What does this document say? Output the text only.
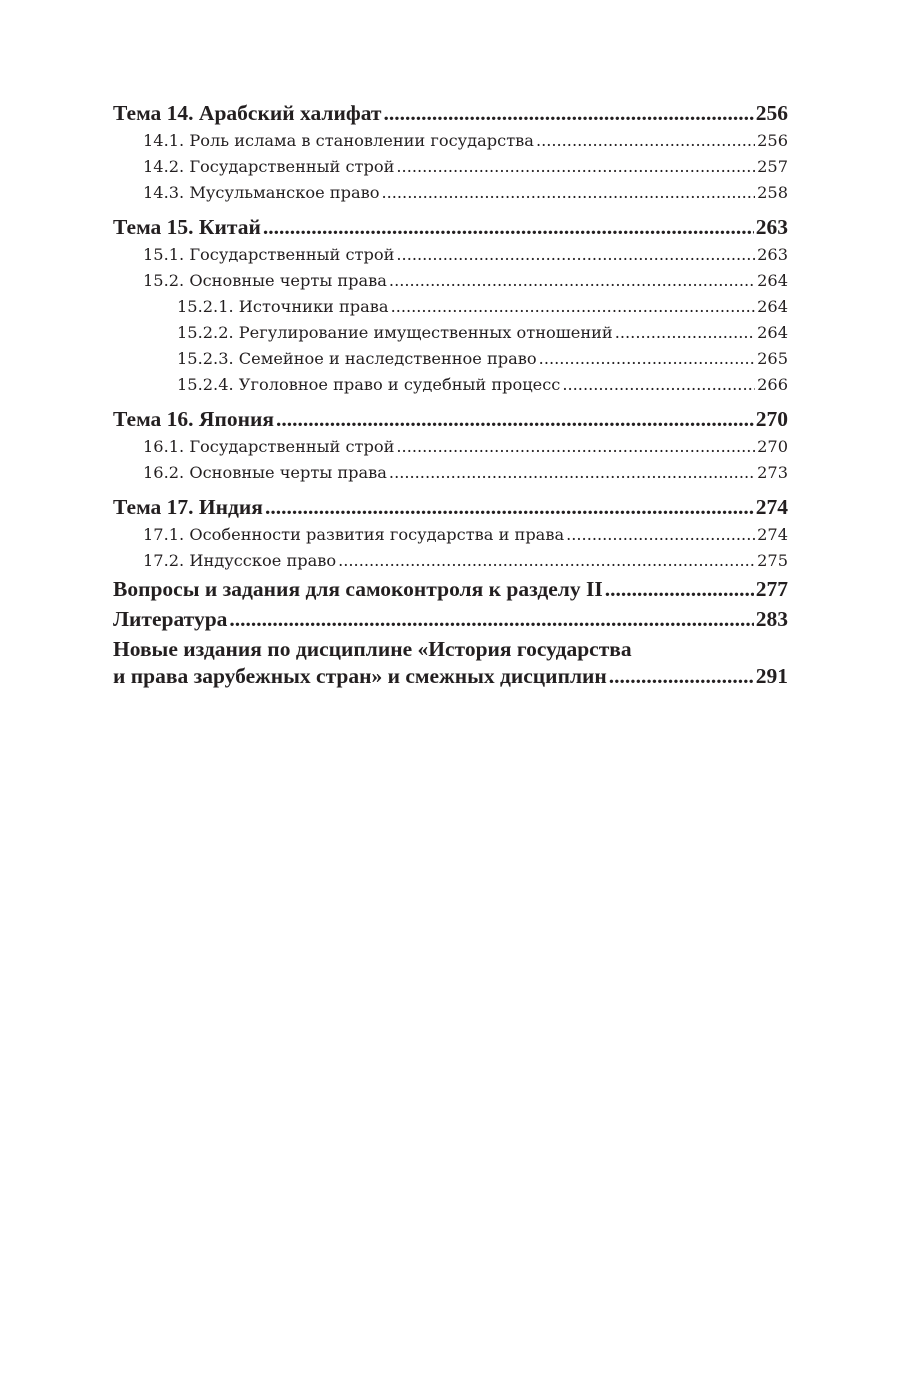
Тема 14. Арабский халифат .....	256
14.1. Роль ислама в становлении государства .....	256
14.2. Государственный строй .....	257
14.3. Мусульманское право .....	258
Тема 15. Китай .....	263
15.1. Государственный строй .....	263
15.2. Основные черты права .....	264
15.2.1. Источники права .....	264
15.2.2. Регулирование имущественных отношений .....	264
15.2.3. Семейное и наследственное право .....	265
15.2.4. Уголовное право и судебный процесс .....	266
Тема 16. Япония .....	270
16.1. Государственный строй .....	270
16.2. Основные черты права .....	273
Тема 17. Индия .....	274
17.1. Особенности развития государства и права .....	274
17.2. Индусское право .....	275
Вопросы и задания для самоконтроля к разделу II .....	277
Литература .....	283
Новые издания по дисциплине «История государства
и права зарубежных стран» и смежных дисциплин .....	291
